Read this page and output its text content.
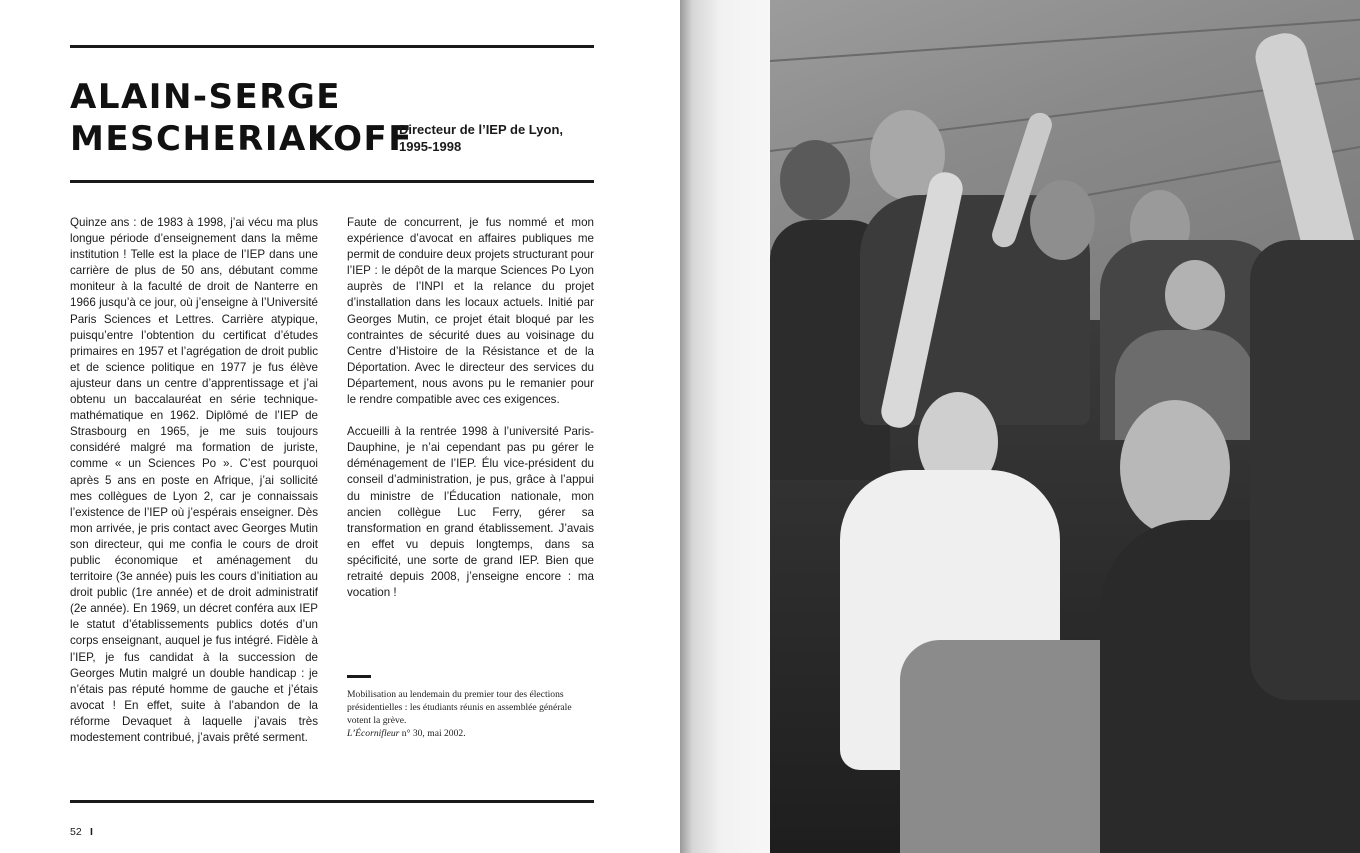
ALAIN-SERGE
MESCHERIAKOFF
Directeur de l’IEP de Lyon,
1995-1998

Quinze ans : de 1983 à 1998, j’ai vécu ma plus longue période d’enseignement dans la même institution ! Telle est la place de l’IEP dans une carrière de plus de 50 ans, débutant comme moniteur à la faculté de droit de Nanterre en 1966 jusqu’à ce jour, où j’enseigne à l’Université Paris Sciences et Lettres. Carrière atypique, puisqu’entre l’obtention du certificat d’études primaires en 1957 et l’agrégation de droit public et de science politique en 1977 je fus élève ajusteur dans un centre d’apprentissage et j’ai obtenu un baccalauréat en série technique-mathématique en 1962. Diplômé de l’IEP de Strasbourg en 1965, je me suis toujours considéré malgré ma formation de juriste, comme « un Sciences Po ». C’est pourquoi après 5 ans en poste en Afrique, j’ai sollicité mes collègues de Lyon 2, car je connaissais l’existence de l’IEP où j’espérais enseigner. Dès mon arrivée, je pris contact avec Georges Mutin son directeur, qui me confia le cours de droit public économique et aménagement du territoire (3e année) puis les cours d’initiation au droit public (1re année) et de droit administratif (2e année). En 1969, un décret conféra aux IEP le statut d’établissements publics dotés d’un corps enseignant, auquel je fus intégré. Fidèle à l’IEP, je fus candidat à la succession de Georges Mutin malgré un double handicap : je n’étais pas réputé homme de gauche et j’étais avocat ! En effet, suite à l’abandon de la réforme Devaquet à laquelle j’avais très modestement contribué, j’avais prêté serment.

Faute de concurrent, je fus nommé et mon expérience d’avocat en affaires publiques me permit de conduire deux projets structurant pour l’IEP : le dépôt de la marque Sciences Po Lyon auprès de l’INPI et la relance du projet d’installation dans les locaux actuels. Initié par Georges Mutin, ce projet était bloqué par les contraintes de sécurité dues au voisinage du Centre d’Histoire de la Résistance et de la Déportation. Avec le directeur des services du Département, nous avons pu le remanier pour le rendre compatible avec ces exigences.

Accueilli à la rentrée 1998 à l’université Paris-Dauphine, je n’ai cependant pas pu gérer le déménagement de l’IEP. Élu vice-président du conseil d’administration, je pus, grâce à l’appui du ministre de l’Éducation nationale, mon ancien collègue Luc Ferry, gérer sa transformation en grand établissement. J’avais en effet vu depuis longtemps, dans sa spécificité, une sorte de grand IEP. Bien que retraité depuis 2008, j’enseigne encore : ma vocation !

Mobilisation au lendemain du premier tour des élections présidentielles : les étudiants réunis en assemblée générale votent la grève.
L’Écornifleur n° 30, mai 2002.
52 I
